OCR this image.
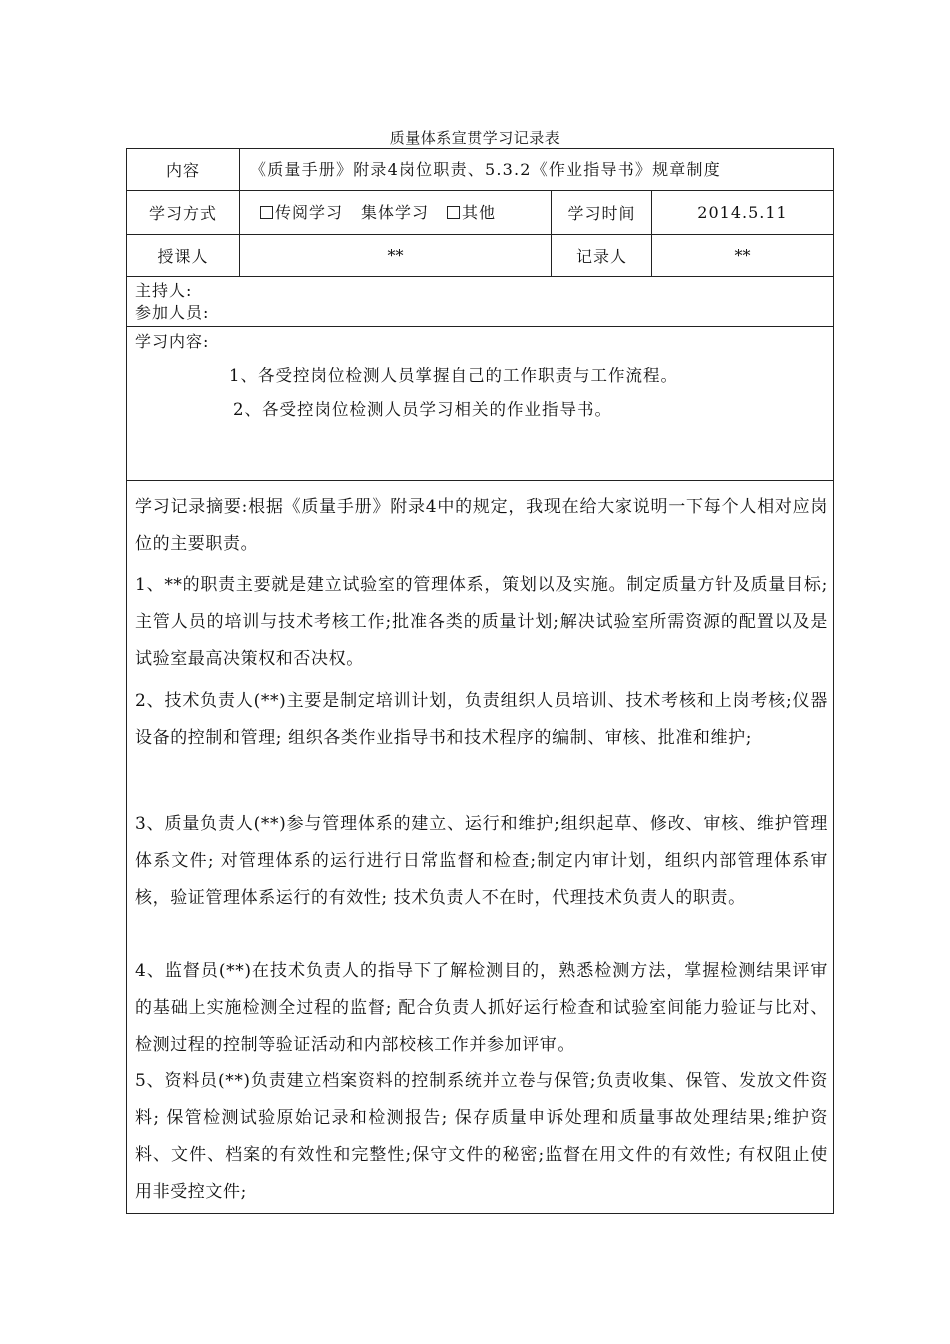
质量体系宣贯学习记录表
内容	《质量手册》附录4岗位职责、5.3.2《作业指导书》规章制度
学习方式	传阅学习 集体学习 其他	学习时间	2014.5.11
授课人	**	记录人	**
主持人:
参加人员:
学习内容:
1、各受控岗位检测人员掌握自己的工作职责与工作流程。
2、各受控岗位检测人员学习相关的作业指导书。
学习记录摘要:根据《质量手册》附录4中的规定，我现在给大家说明一下每个人相对应岗位的主要职责。
1、**的职责主要就是建立试验室的管理体系，策划以及实施。制定质量方针及质量目标;主管人员的培训与技术考核工作;批准各类的质量计划;解决试验室所需资源的配置以及是试验室最高决策权和否决权。
2、技术负责人(**)主要是制定培训计划，负责组织人员培训、技术考核和上岗考核;仪器设备的控制和管理; 组织各类作业指导书和技术程序的编制、审核、批准和维护;
3、质量负责人(**)参与管理体系的建立、运行和维护;组织起草、修改、审核、维护管理体系文件; 对管理体系的运行进行日常监督和检查;制定内审计划，组织内部管理体系审核，验证管理体系运行的有效性; 技术负责人不在时，代理技术负责人的职责。
4、监督员(**)在技术负责人的指导下了解检测目的，熟悉检测方法，掌握检测结果评审的基础上实施检测全过程的监督; 配合负责人抓好运行检查和试验室间能力验证与比对、检测过程的控制等验证活动和内部校核工作并参加评审。
5、资料员(**)负责建立档案资料的控制系统并立卷与保管;负责收集、保管、发放文件资料; 保管检测试验原始记录和检测报告; 保存质量申诉处理和质量事故处理结果;维护资料、文件、档案的有效性和完整性;保守文件的秘密;监督在用文件的有效性; 有权阻止使用非受控文件;
